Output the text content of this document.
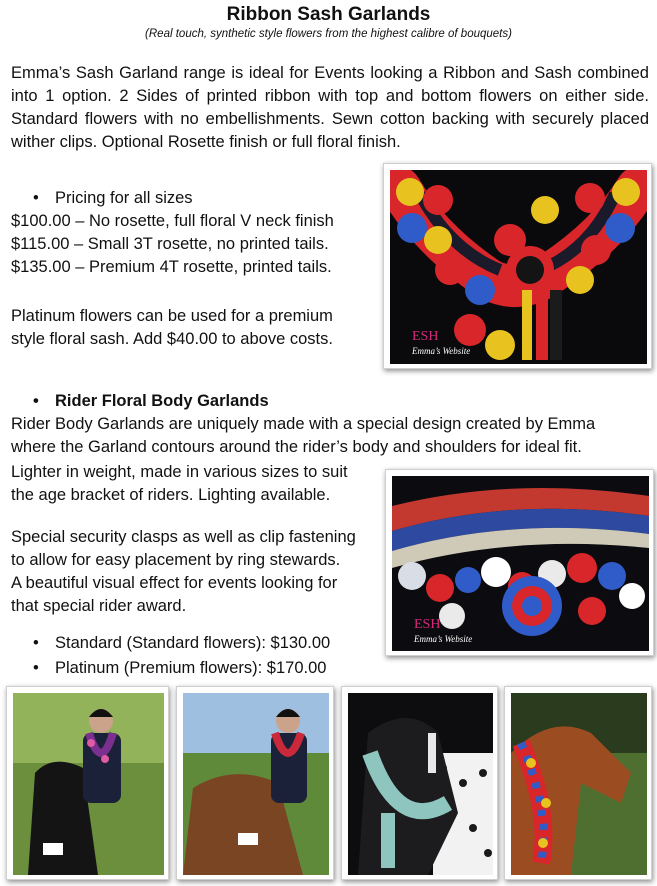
Ribbon Sash Garlands
(Real touch, synthetic style flowers from the highest calibre of bouquets)
Emma’s Sash Garland range is ideal for Events looking a Ribbon and Sash combined into 1 option. 2 Sides of printed ribbon with top and bottom flowers on either side. Standard flowers with no embellishments. Sewn cotton backing with securely placed wither clips. Optional Rosette finish or full floral finish.
• Pricing for all sizes
$100.00 – No rosette, full floral V neck finish
$115.00 – Small 3T rosette, no printed tails.
$135.00 – Premium 4T rosette, printed tails.
Platinum flowers can be used for a premium
style floral sash. Add $40.00 to above costs.	ESH
Emma’s Website
• Rider Floral Body Garlands
Rider Body Garlands are uniquely made with a special design created by Emma
where the Garland contours around the rider’s body and shoulders for ideal fit.
Lighter in weight, made in various sizes to suit
the age bracket of riders. Lighting available.
Special security clasps as well as clip fastening
to allow for easy placement by ring stewards.
A beautiful visual effect for events looking for
that special rider award.
• Standard (Standard flowers): $130.00
• Platinum (Premium flowers): $170.00
ESH
Emma’s Website
